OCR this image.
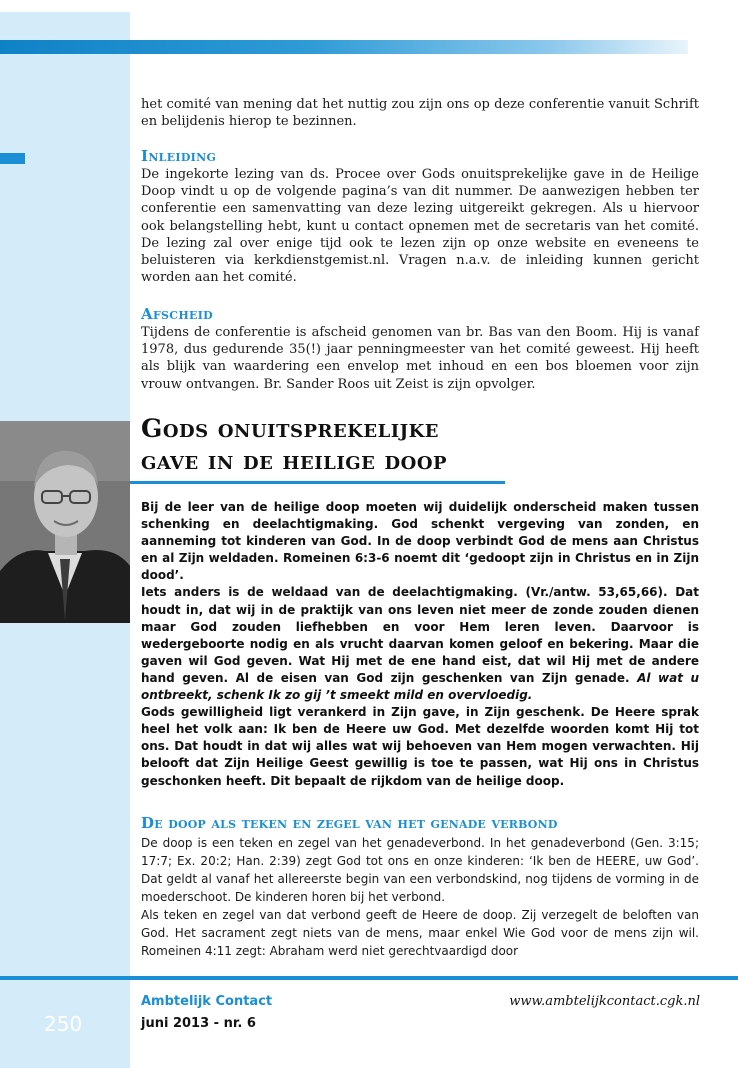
het comité van mening dat het nuttig zou zijn ons op deze conferentie vanuit Schrift en belijdenis hierop te bezinnen.
Inleiding
De ingekorte lezing van ds. Procee over Gods onuitsprekelijke gave in de Heilige Doop vindt u op de volgende pagina’s van dit nummer. De aanwezigen hebben ter conferentie een samenvatting van deze lezing uitgereikt gekregen. Als u hiervoor ook belangstelling hebt, kunt u contact opnemen met de secretaris van het comité. De lezing zal over enige tijd ook te lezen zijn op onze website en eveneens te beluisteren via kerkdienstgemist.nl. Vragen n.a.v. de inleiding kunnen gericht worden aan het comité.
Afscheid
Tijdens de conferentie is afscheid genomen van br. Bas van den Boom. Hij is vanaf 1978, dus gedurende 35(!) jaar penningmeester van het comité geweest. Hij heeft als blijk van waardering een envelop met inhoud en een bos bloemen voor zijn vrouw ontvangen. Br. Sander Roos uit Zeist is zijn opvolger.
Gods onuitsprekelijke
gave in de heilige doop

Bij de leer van de heilige doop moeten wij duidelijk onderscheid maken tussen schenking en deelachtigmaking. God schenkt vergeving van zonden, en aanneming tot kinderen van God. In de doop verbindt God de mens aan Christus en al Zijn weldaden. Romeinen 6:3-6 noemt dit ‘gedoopt zijn in Christus en in Zijn dood’.

Iets anders is de weldaad van de deelachtigmaking. (Vr./antw. 53,65,66). Dat houdt in, dat wij in de praktijk van ons leven niet meer de zonde zouden dienen maar God zouden liefhebben en voor Hem leren leven. Daarvoor is wedergeboorte nodig en als vrucht daarvan komen geloof en bekering. Maar die gaven wil God geven. Wat Hij met de ene hand eist, dat wil Hij met de andere hand geven. Al de eisen van God zijn geschenken van Zijn genade. Al wat u ontbreekt, schenk Ik zo gij ’t smeekt mild en overvloedig.

Gods gewilligheid ligt verankerd in Zijn gave, in Zijn geschenk. De Heere sprak heel het volk aan: Ik ben de Heere uw God. Met dezelfde woorden komt Hij tot ons. Dat houdt in dat wij alles wat wij behoeven van Hem mogen verwachten. Hij belooft dat Zijn Heilige Geest gewillig is toe te passen, wat Hij ons in Christus geschonken heeft. Dit bepaalt de rijkdom van de heilige doop.

De doop als teken en zegel van het genade verbond

De doop is een teken en zegel van het genadeverbond. In het genadeverbond (Gen. 3:15; 17:7; Ex. 20:2; Han. 2:39) zegt God tot ons en onze kinderen: ‘Ik ben de HEERE, uw God’. Dat geldt al vanaf het allereerste begin van een verbondskind, nog tijdens de vorming in de moederschoot. De kinderen horen bij het verbond.

Als teken en zegel van dat verbond geeft de Heere de doop. Zij verzegelt de beloften van God. Het sacrament zegt niets van de mens, maar enkel Wie God voor de mens zijn wil. Romeinen 4:11 zegt: Abraham werd niet gerechtvaardigd door

250
Ambtelijk Contact
juni 2013 - nr. 6
www.ambtelijkcontact.cgk.nl
